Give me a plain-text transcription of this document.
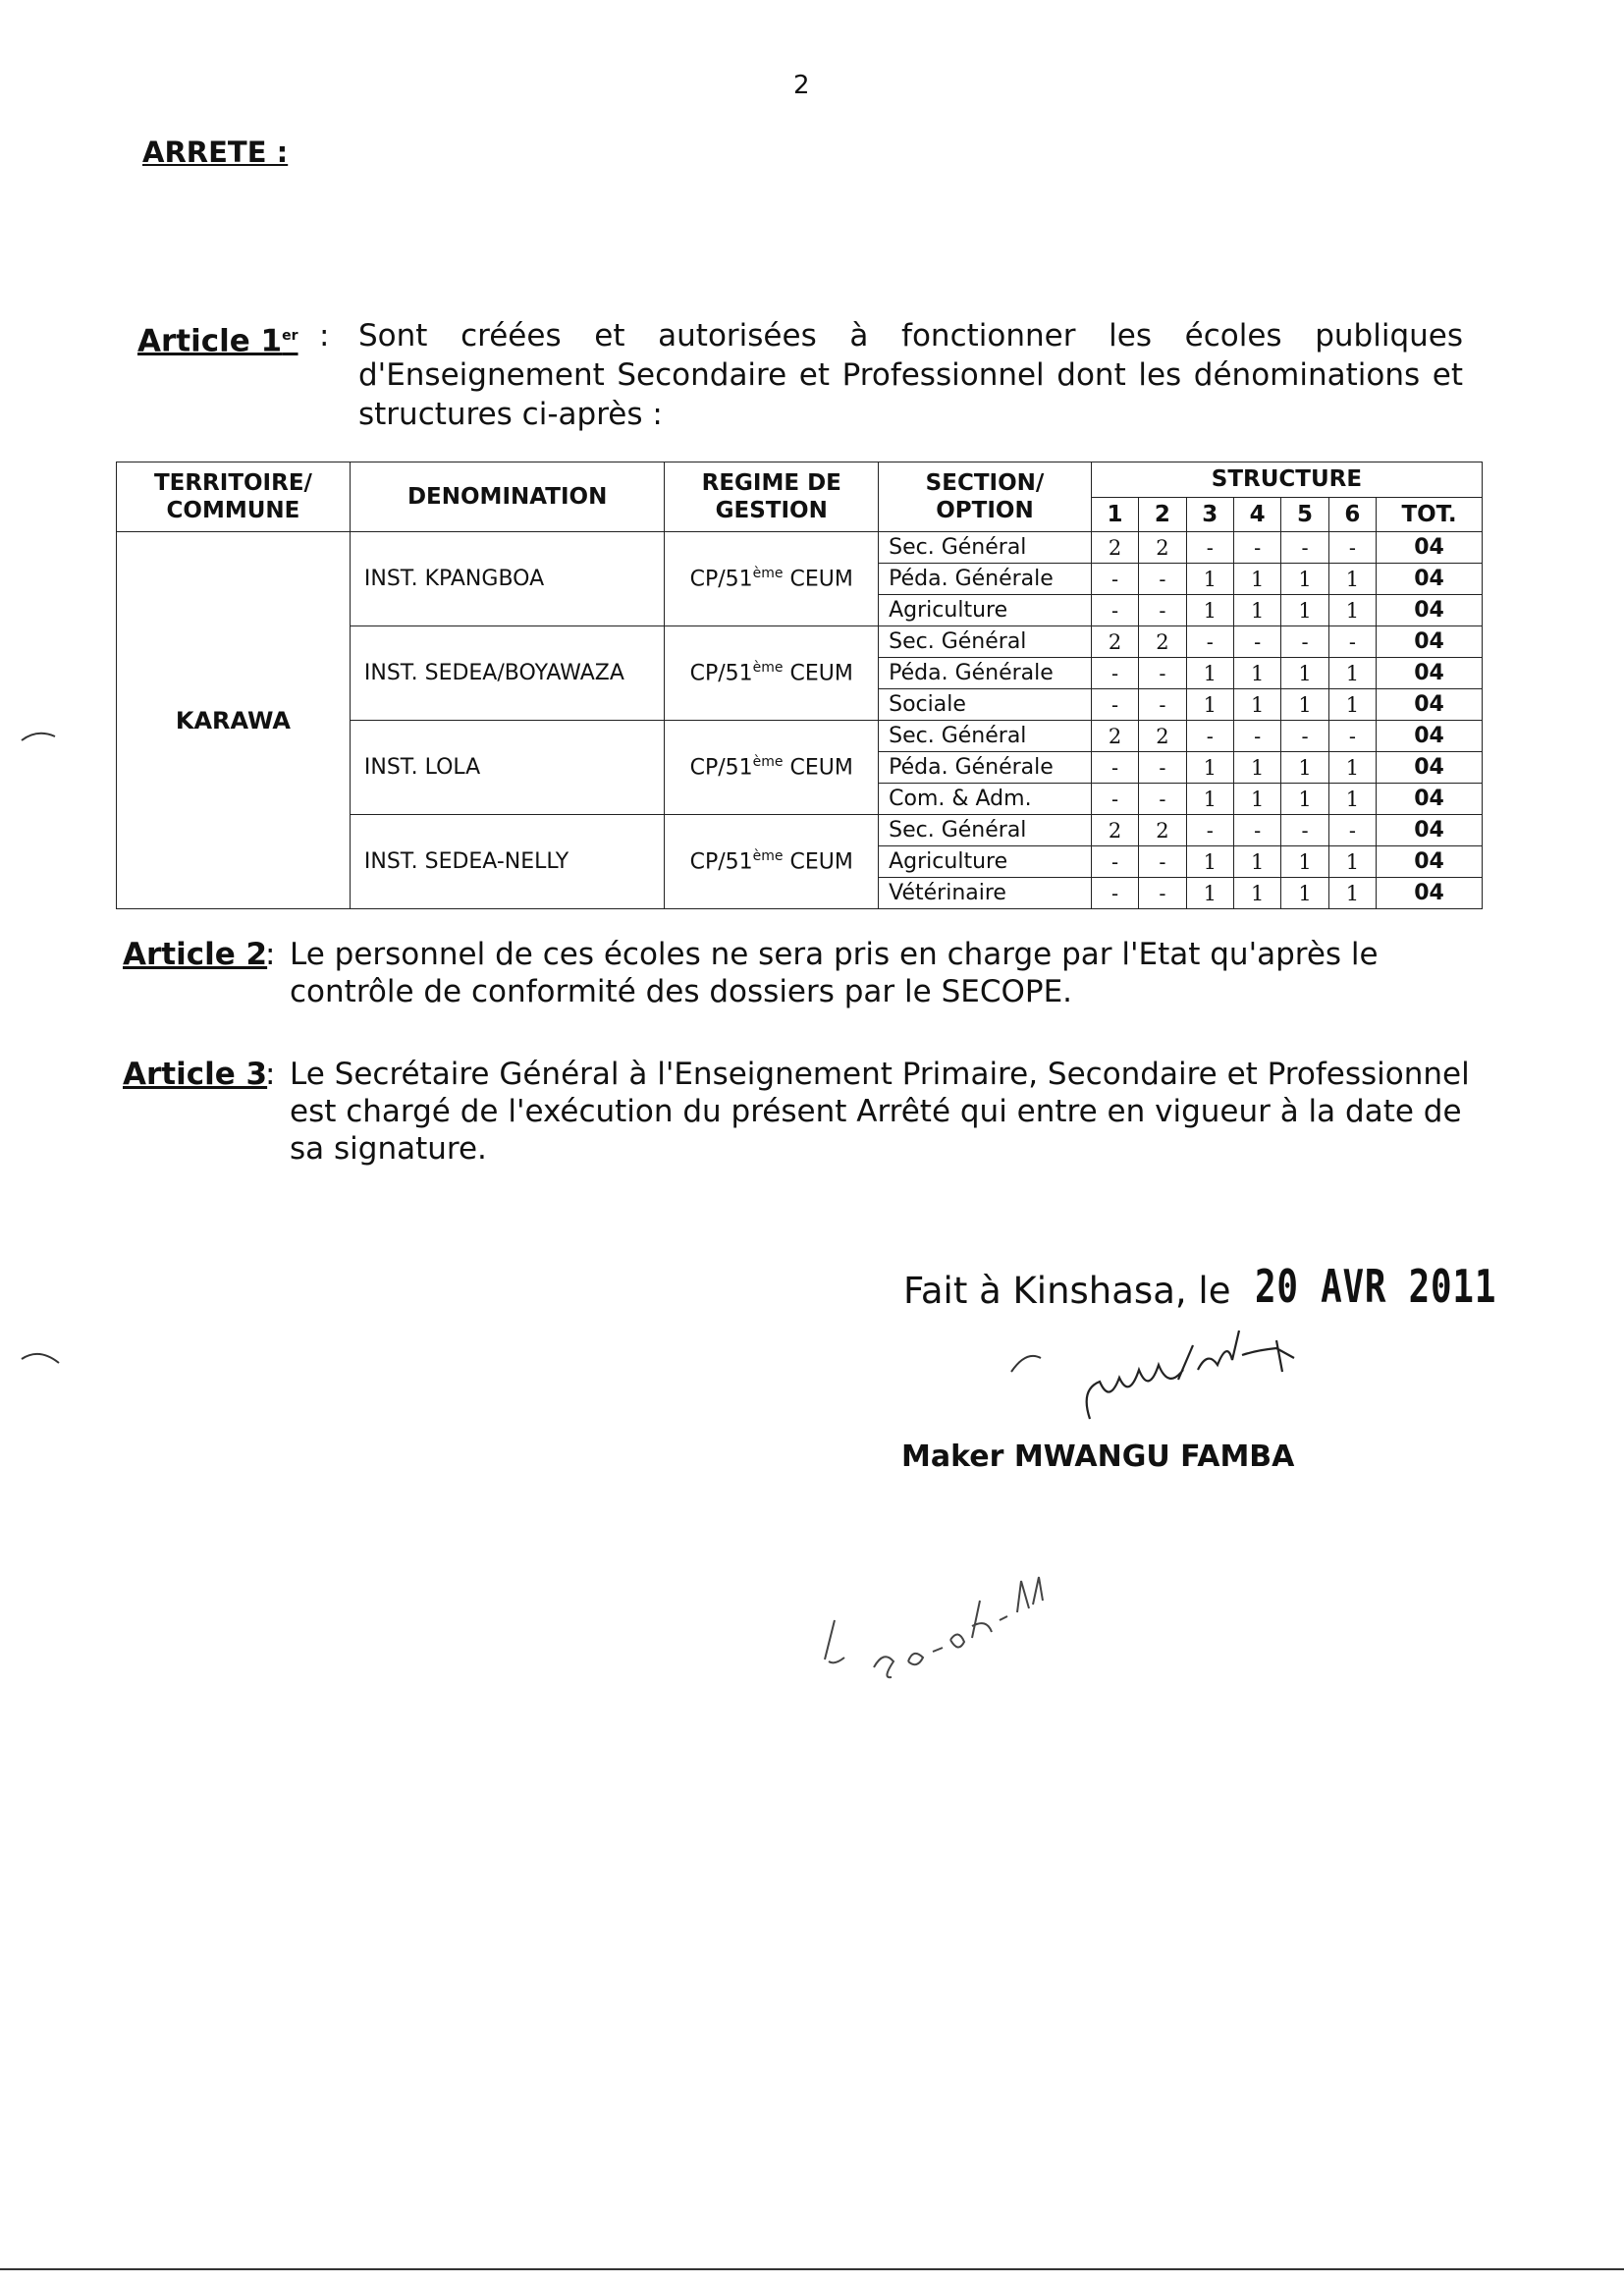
2
ARRETE :
Article 1er : Sont créées et autorisées à fonctionner les écoles publiques d'Enseignement Secondaire et Professionnel dont les dénominations et structures ci-après :
TERRITOIRE/ COMMUNE	DENOMINATION	REGIME DE GESTION	SECTION/ OPTION	STRUCTURE						
				1	2	3	4	5	6	TOT.
KARAWA	INST. KPANGBOA	CP/51ème CEUM	Sec. Général	2	2	-	-	-	-	04
			Péda. Générale	-	-	1	1	1	1	04
			Agriculture	-	-	1	1	1	1	04
	INST. SEDEA/BOYAWAZA	CP/51ème CEUM	Sec. Général	2	2	-	-	-	-	04
			Péda. Générale	-	-	1	1	1	1	04
			Sociale	-	-	1	1	1	1	04
	INST. LOLA	CP/51ème CEUM	Sec. Général	2	2	-	-	-	-	04
			Péda. Générale	-	-	1	1	1	1	04
			Com. & Adm.	-	-	1	1	1	1	04
	INST. SEDEA-NELLY	CP/51ème CEUM	Sec. Général	2	2	-	-	-	-	04
			Agriculture	-	-	1	1	1	1	04
			Vétérinaire	-	-	1	1	1	1	04
Article 2
: Le personnel de ces écoles ne sera pris en charge par l'Etat qu'après le contrôle de conformité des dossiers par le SECOPE.
Article 3
: Le Secrétaire Général à l'Enseignement Primaire, Secondaire et Professionnel est chargé de l'exécution du présent Arrêté qui entre en vigueur à la date de sa signature.
Fait à Kinshasa, le 20 AVR 2011
Maker MWANGU FAMBA
